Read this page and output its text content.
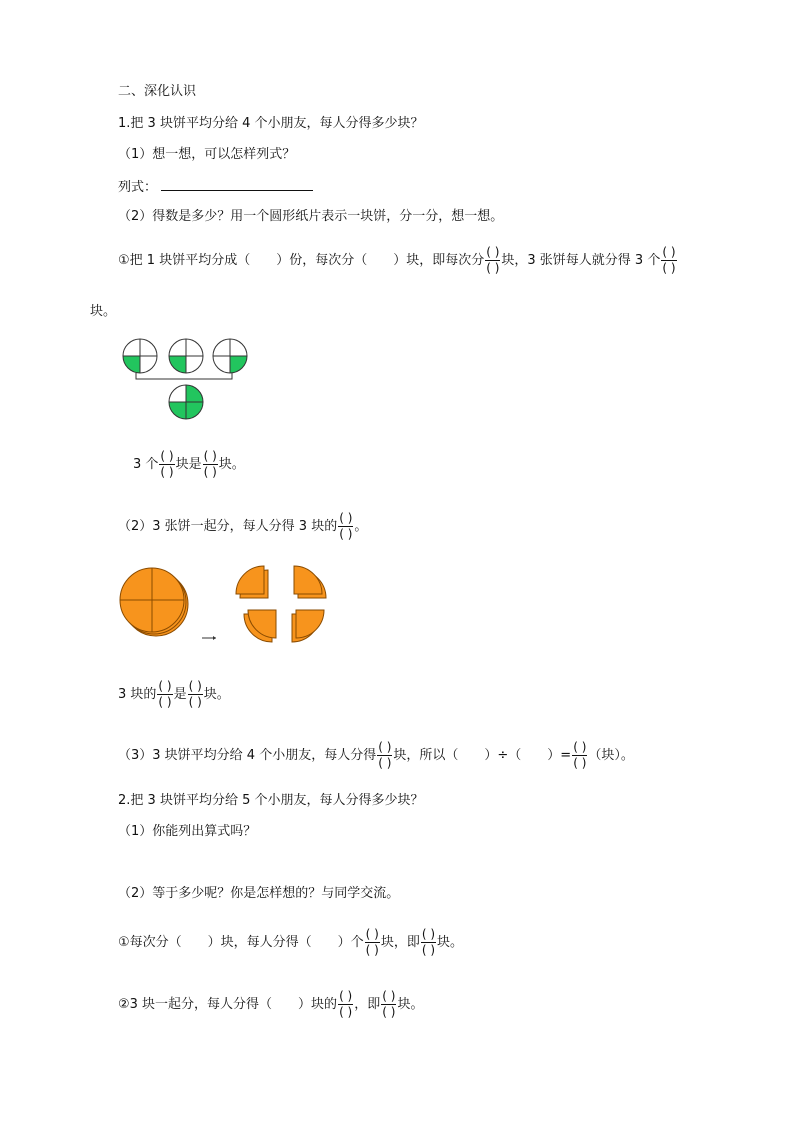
二、深化认识
1.把 3 块饼平均分给 4 个小朋友，每人分得多少块？
（1）想一想，可以怎样列式？
列式：
（2）得数是多少？用一个圆形纸片表示一块饼，分一分，想一想。
①把 1 块饼平均分成（　　）份，每次分（　　）块，即每次分 $\frac{( )}{( )}$ 块，3 张饼每人就分得 3 个 $\frac{( )}{( )}$
块。
3 个 $\frac{( )}{( )}$ 块是 $\frac{( )}{( )}$ 块。
（2）3 张饼一起分，每人分得 3 块的 $\frac{( )}{( )}$ 。
3 块的 $\frac{( )}{( )}$ 是 $\frac{( )}{( )}$ 块。
（3）3 块饼平均分给 4 个小朋友，每人分得 $\frac{( )}{( )}$ 块，所以（　　）÷（　　）= $\frac{( )}{( )}$ （块）。
2.把 3 块饼平均分给 5 个小朋友，每人分得多少块？
（1）你能列出算式吗？
（2）等于多少呢？你是怎样想的？与同学交流。
①每次分（　　）块，每人分得（　　）个 $\frac{( )}{( )}$ 块，即 $\frac{( )}{( )}$ 块。
②3 块一起分，每人分得（　　）块的 $\frac{( )}{( )}$ ，即 $\frac{( )}{( )}$ 块。
